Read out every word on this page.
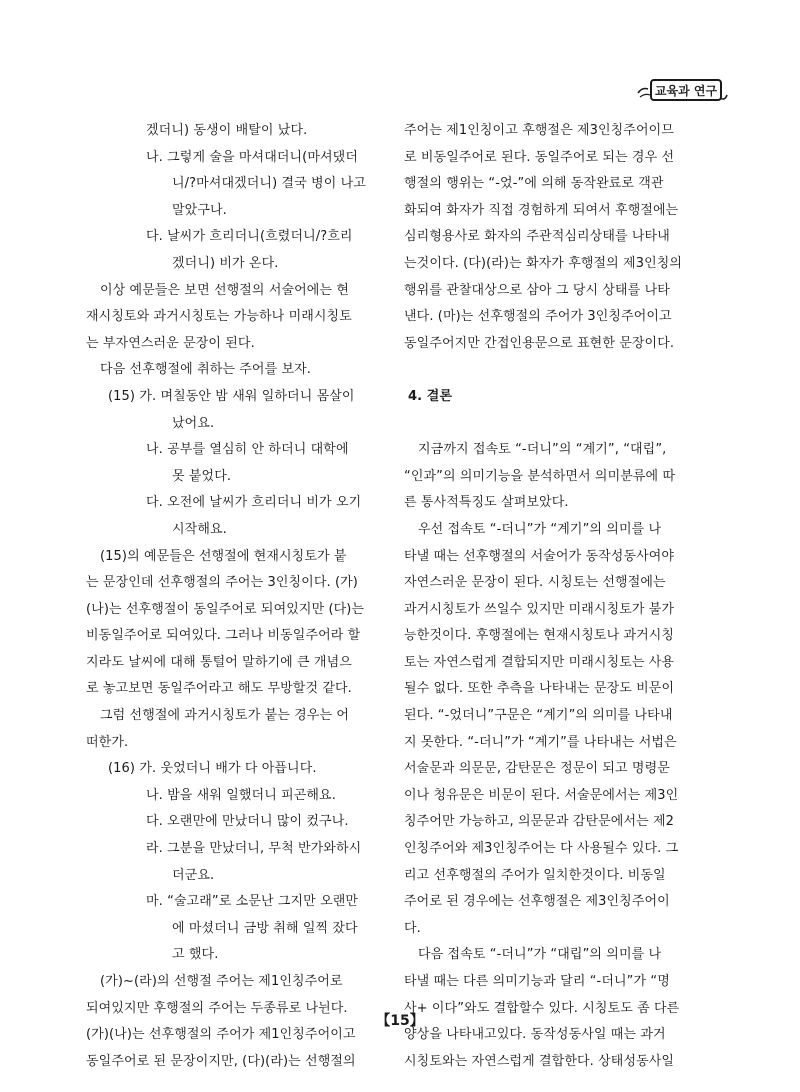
교육과 연구
겠더니) 동생이 배탈이 났다.
나. 그렇게 술을 마셔대더니(마셔댔더
니/?마셔대겠더니) 결국 병이 나고
말았구나.
다. 날씨가 흐리더니(흐렸더니/?흐리
겠더니) 비가 온다.
이상 예문들은 보면 선행절의 서술어에는 현
재시칭토와 과거시칭토는 가능하나 미래시칭토
는 부자연스러운 문장이 된다.
다음 선후행절에 취하는 주어를 보자.
(15) 가. 며칠동안 밤 새워 일하더니 몸살이
났어요.
나. 공부를 열심히 안 하더니 대학에
못 붙었다.
다. 오전에 날씨가 흐리더니 비가 오기
시작해요.
(15)의 예문들은 선행절에 현재시칭토가 붙
는 문장인데 선후행절의 주어는 3인칭이다. (가)
(나)는 선후행절이 동일주어로 되여있지만 (다)는
비동일주어로 되여있다. 그러나 비동일주어라 할
지라도 날씨에 대해 통털어 말하기에 큰 개념으
로 놓고보면 동일주어라고 해도 무방할것 같다.
그럼 선행절에 과거시칭토가 붙는 경우는 어
떠한가.
(16) 가. 웃었더니 배가 다 아픕니다.
나. 밤을 새워 일했더니 피곤해요.
다. 오랜만에 만났더니 많이 컸구나.
라. 그분을 만났더니, 무척 반가와하시
더군요.
마. “술고래”로 소문난 그지만 오랜만
에 마셨더니 금방 취해 일찍 잤다
고 했다.
(가)~(라)의 선행절 주어는 제1인칭주어로
되여있지만 후행절의 주어는 두종류로 나뉜다.
(가)(나)는 선후행절의 주어가 제1인칭주어이고
동일주어로 된 문장이지만, (다)(라)는 선행절의
주어는 제1인칭이고 후행절은 제3인칭주어이므
로 비동일주어로 된다. 동일주어로 되는 경우 선
행절의 행위는 “-었-”에 의해 동작완료로 객관
화되여 화자가 직접 경험하게 되여서 후행절에는
심리형용사로 화자의 주관적심리상태를 나타내
는것이다. (다)(라)는 화자가 후행절의 제3인칭의
행위를 관찰대상으로 삼아 그 당시 상태를 나타
낸다. (마)는 선후행절의 주어가 3인칭주어이고
동일주어지만 간접인용문으로 표현한 문장이다.
4. 결론
지금까지 접속토 “-더니”의 “계기”, “대립”,
“인과”의 의미기능을 분석하면서 의미분류에 따
른 통사적특징도 살펴보았다.
우선 접속토 “-더니”가 “계기”의 의미를 나
타낼 때는 선후행절의 서술어가 동작성동사여야
자연스러운 문장이 된다. 시칭토는 선행절에는
과거시칭토가 쓰일수 있지만 미래시칭토가 불가
능한것이다. 후행절에는 현재시칭토나 과거시칭
토는 자연스럽게 결합되지만 미래시칭토는 사용
될수 없다. 또한 추측을 나타내는 문장도 비문이
된다. “-었더니”구문은 “계기”의 의미를 나타내
지 못한다. “-더니”가 “계기”를 나타내는 서법은
서술문과 의문문, 감탄문은 정문이 되고 명령문
이나 청유문은 비문이 된다. 서술문에서는 제3인
칭주어만 가능하고, 의문문과 감탄문에서는 제2
인칭주어와 제3인칭주어는 다 사용될수 있다. 그
리고 선후행절의 주어가 일치한것이다. 비동일
주어로 된 경우에는 선후행절은 제3인칭주어이
다.
다음 접속토 “-더니”가 “대립”의 의미를 나
타낼 때는 다른 의미기능과 달리 “-더니”가 “명
사+ 이다”와도 결합할수 있다. 시칭토도 좀 다른
양상을 나타내고있다. 동작성동사일 때는 과거
시칭토와는 자연스럽게 결합한다. 상태성동사일
【15】
